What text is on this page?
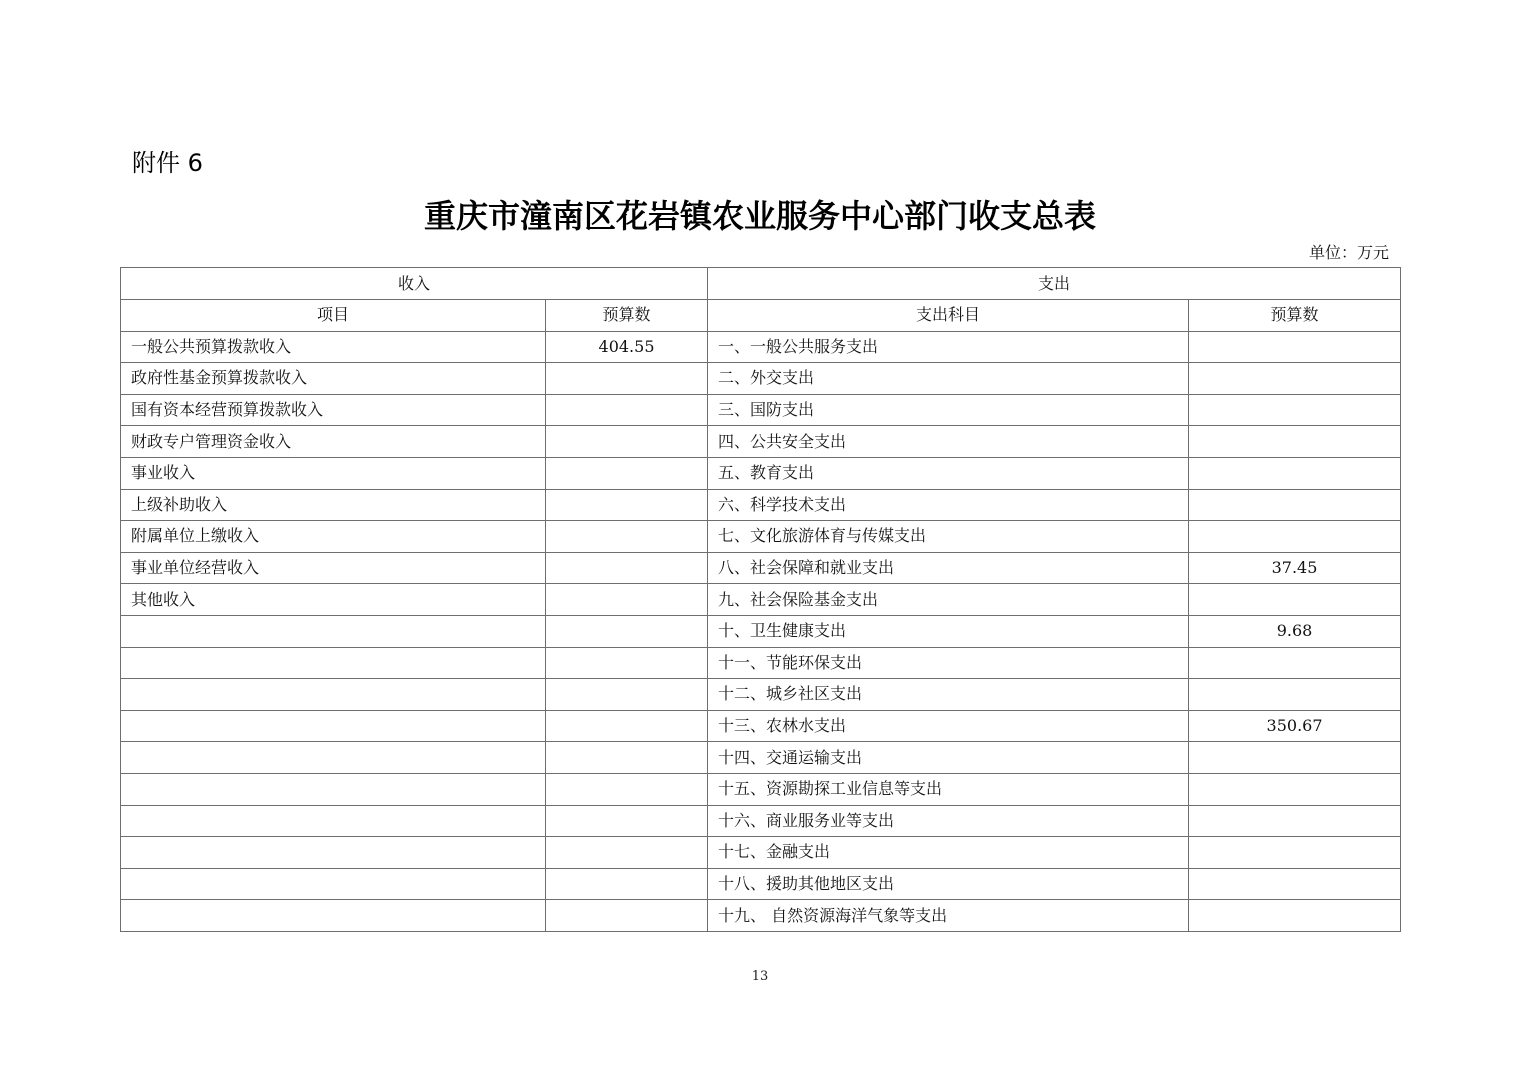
附件 6
重庆市潼南区花岩镇农业服务中心部门收支总表
单位：万元
收入		支出	
项目	预算数	支出科目	预算数
一般公共预算拨款收入	404.55	一、一般公共服务支出	
政府性基金预算拨款收入		二、外交支出	
国有资本经营预算拨款收入		三、国防支出	
财政专户管理资金收入		四、公共安全支出	
事业收入		五、教育支出	
上级补助收入		六、科学技术支出	
附属单位上缴收入		七、文化旅游体育与传媒支出	
事业单位经营收入		八、社会保障和就业支出	37.45
其他收入		九、社会保险基金支出	
		十、卫生健康支出	9.68
		十一、节能环保支出	
		十二、城乡社区支出	
		十三、农林水支出	350.67
		十四、交通运输支出	
		十五、资源勘探工业信息等支出	
		十六、商业服务业等支出	
		十七、金融支出	
		十八、援助其他地区支出	
		十九、 自然资源海洋气象等支出	
13
